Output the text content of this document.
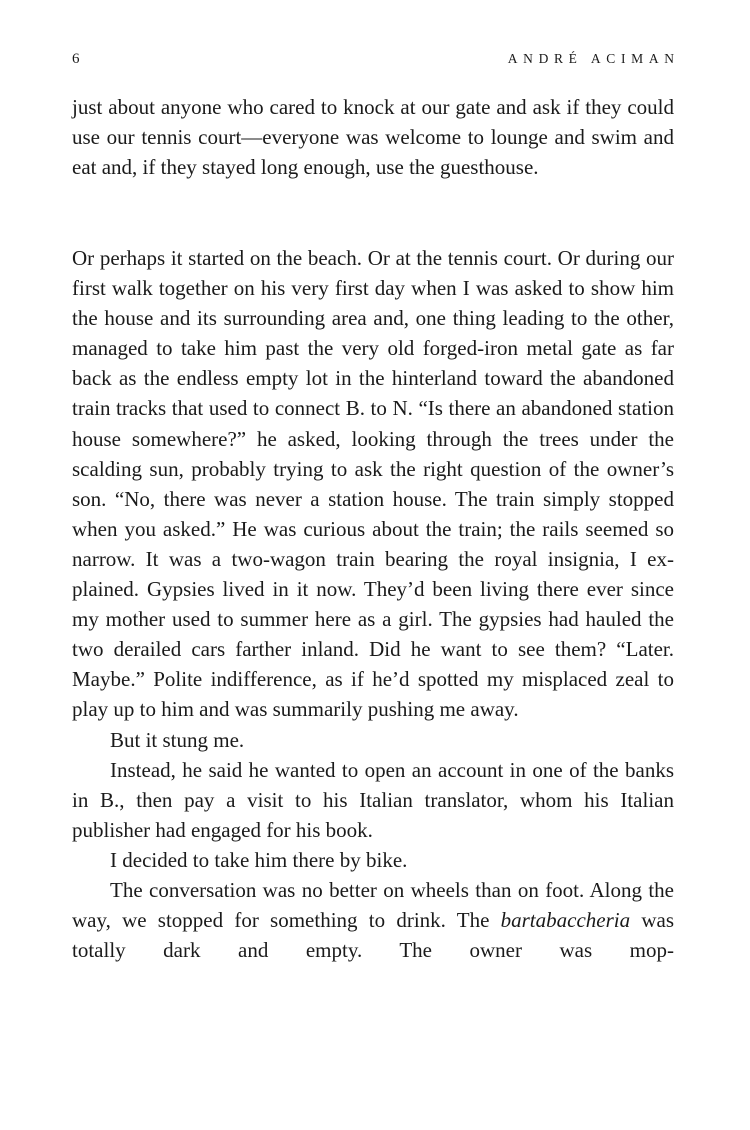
6	ANDRÉ ACIMAN

just about anyone who cared to knock at our gate and ask if they could use our tennis court—everyone was welcome to lounge and swim and eat and, if they stayed long enough, use the guesthouse.

Or perhaps it started on the beach. Or at the tennis court. Or during our first walk together on his very first day when I was asked to show him the house and its surrounding area and, one thing leading to the other, managed to take him past the very old forged-iron metal gate as far back as the endless empty lot in the hinterland toward the abandoned train tracks that used to connect B. to N. “Is there an abandoned station house somewhere?” he asked, looking through the trees under the scalding sun, probably trying to ask the right question of the owner’s son. “No, there was never a station house. The train simply stopped when you asked.” He was curious about the train; the rails seemed so narrow. It was a two-wagon train bearing the royal insignia, I explained. Gypsies lived in it now. They’d been living there ever since my mother used to summer here as a girl. The gypsies had hauled the two derailed cars farther inland. Did he want to see them? “Later. Maybe.” Polite indifference, as if he’d spotted my misplaced zeal to play up to him and was summarily pushing me away.

But it stung me.

Instead, he said he wanted to open an account in one of the banks in B., then pay a visit to his Italian translator, whom his Italian publisher had engaged for his book.

I decided to take him there by bike.

The conversation was no better on wheels than on foot. Along the way, we stopped for something to drink. The bartabaccheria was totally dark and empty. The owner was mop-
